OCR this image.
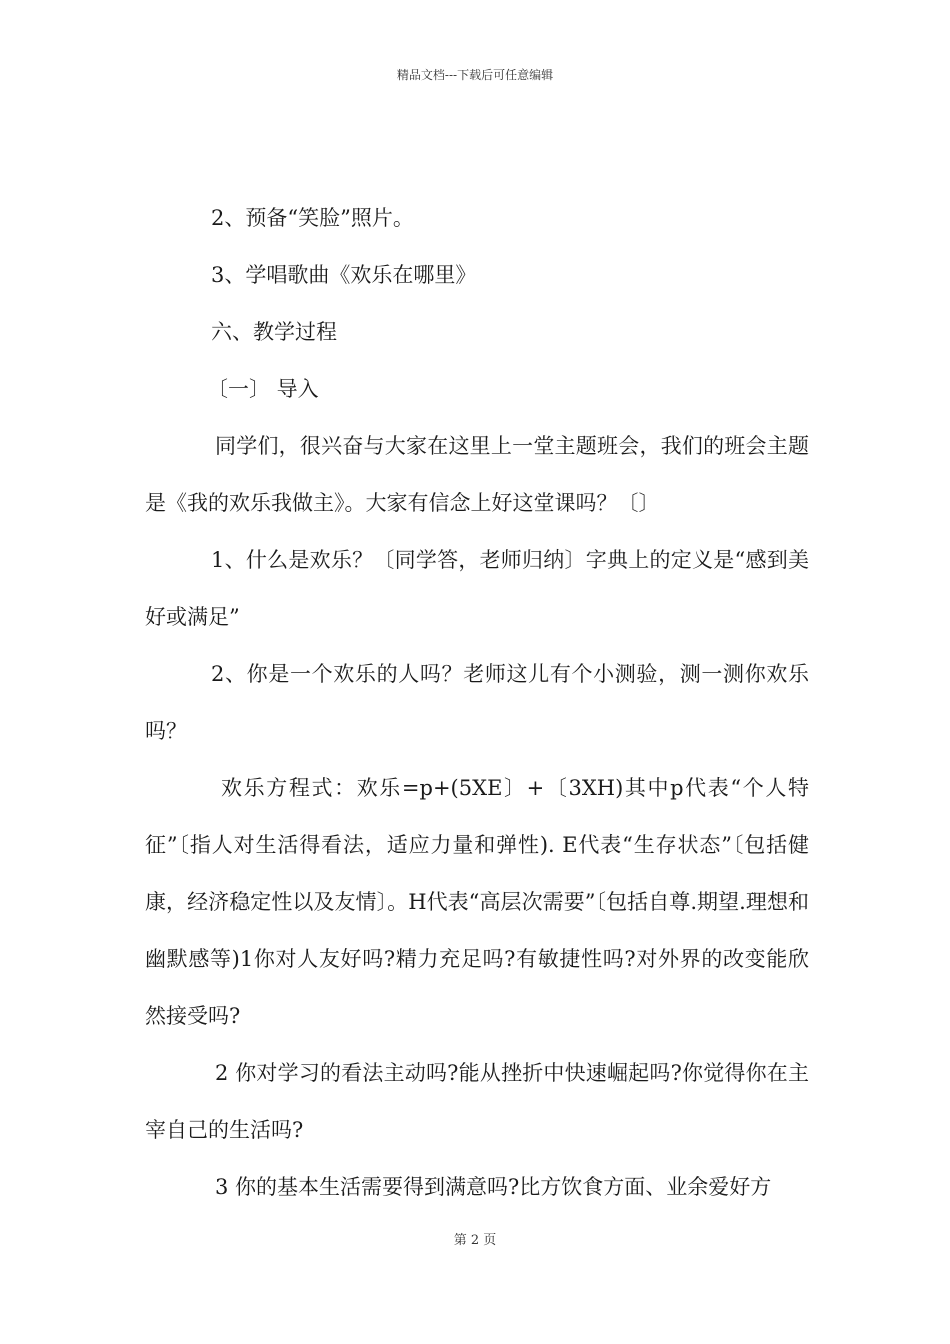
精品文档---下载后可任意编辑

2、预备“笑脸”照片。

3、学唱歌曲《欢乐在哪里》

六、教学过程

〔一〕 导入

同学们，很兴奋与大家在这里上一堂主题班会，我们的班会主题是《我的欢乐我做主》。大家有信念上好这堂课吗？〔〕

1、什么是欢乐？〔同学答，老师归纳〕字典上的定义是“感到美好或满足”

2、你是一个欢乐的人吗？老师这儿有个小测验，测一测你欢乐吗？

欢乐方程式：欢乐=p+(5XE〕+〔3XH)其中p代表“个人特征”〔指人对生活得看法，适应力量和弹性). E代表“生存状态”〔包括健康，经济稳定性以及友情〕。H代表“高层次需要”〔包括自尊.期望.理想和幽默感等)1你对人友好吗?精力充足吗?有敏捷性吗?对外界的改变能欣然接受吗?

2 你对学习的看法主动吗?能从挫折中快速崛起吗?你觉得你在主宰自己的生活吗?

3 你的基本生活需要得到满意吗?比方饮食方面、业余爱好方

第 2 页
